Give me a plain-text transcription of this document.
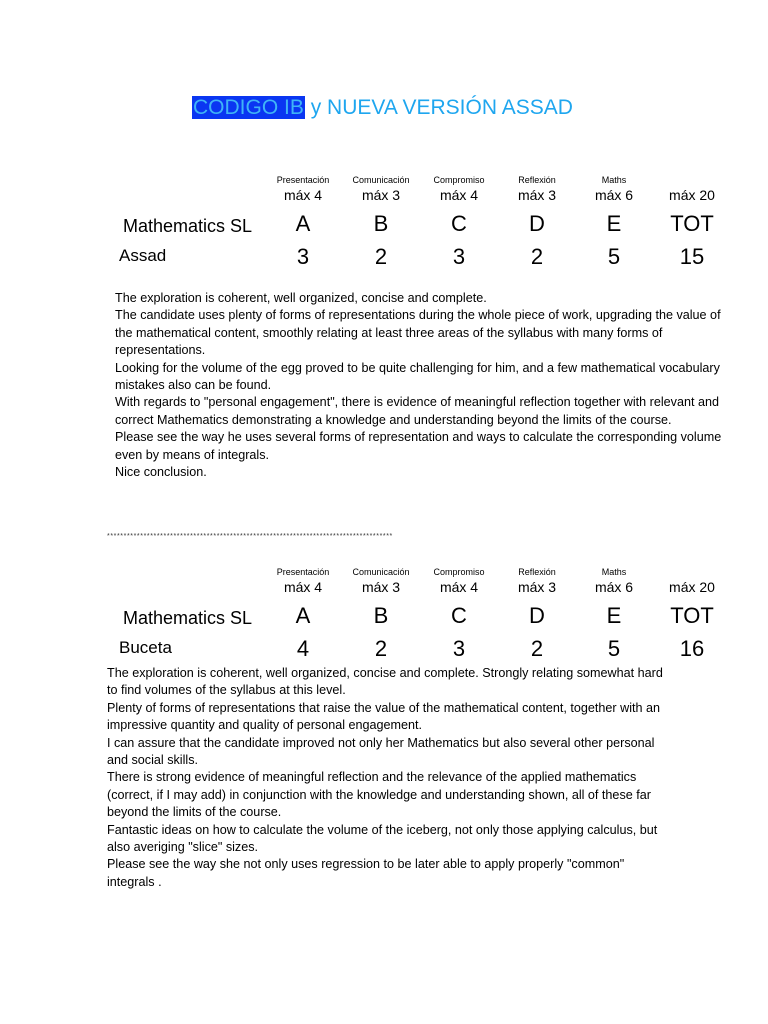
CODIGO IB y NUEVA VERSIÓN ASSAD
Presentación	Comunicación	Compromiso	Reflexión	Maths
máx 4	máx 3	máx 4	máx 3	máx 6	máx 20
Mathematics SL	A	B	C	D	E	TOT
Assad	3	2	3	2	5	15

The exploration is coherent, well organized, concise and complete.

The candidate uses plenty of forms of representations during the whole piece of work, upgrading the value of the mathematical content, smoothly relating at least three areas of the syllabus with many forms of representations.

Looking for the volume of the egg proved to be quite challenging for him, and a few mathematical vocabulary mistakes also can be found.

With regards to "personal engagement", there is evidence of meaningful reflection together with relevant and correct Mathematics demonstrating a knowledge and understanding beyond the limits of the course.

Please see the way he uses several forms of representation and ways to calculate the corresponding volume even by means of integrals.

Nice conclusion.

**************************************************************************************
Presentación	Comunicación	Compromiso	Reflexión	Maths
máx 4	máx 3	máx 4	máx 3	máx 6	máx 20
Mathematics SL	A	B	C	D	E	TOT
Buceta	4	2	3	2	5	16

The exploration is coherent, well organized, concise and complete. Strongly relating somewhat hard to find volumes of the syllabus at this level.

Plenty of forms of representations that raise the value of the mathematical content, together with an impressive quantity and quality of personal engagement.

I can assure that the candidate improved not only her Mathematics but also several other personal and social skills.

There is strong evidence of meaningful reflection and the relevance of the applied mathematics (correct, if I may add) in conjunction with the knowledge and understanding shown, all of these far beyond the limits of the course.

Fantastic ideas on how to calculate the volume of the iceberg, not only those applying calculus, but also averiging "slice" sizes.

Please see the way she not only uses regression to be later able to apply properly "common" integrals .
